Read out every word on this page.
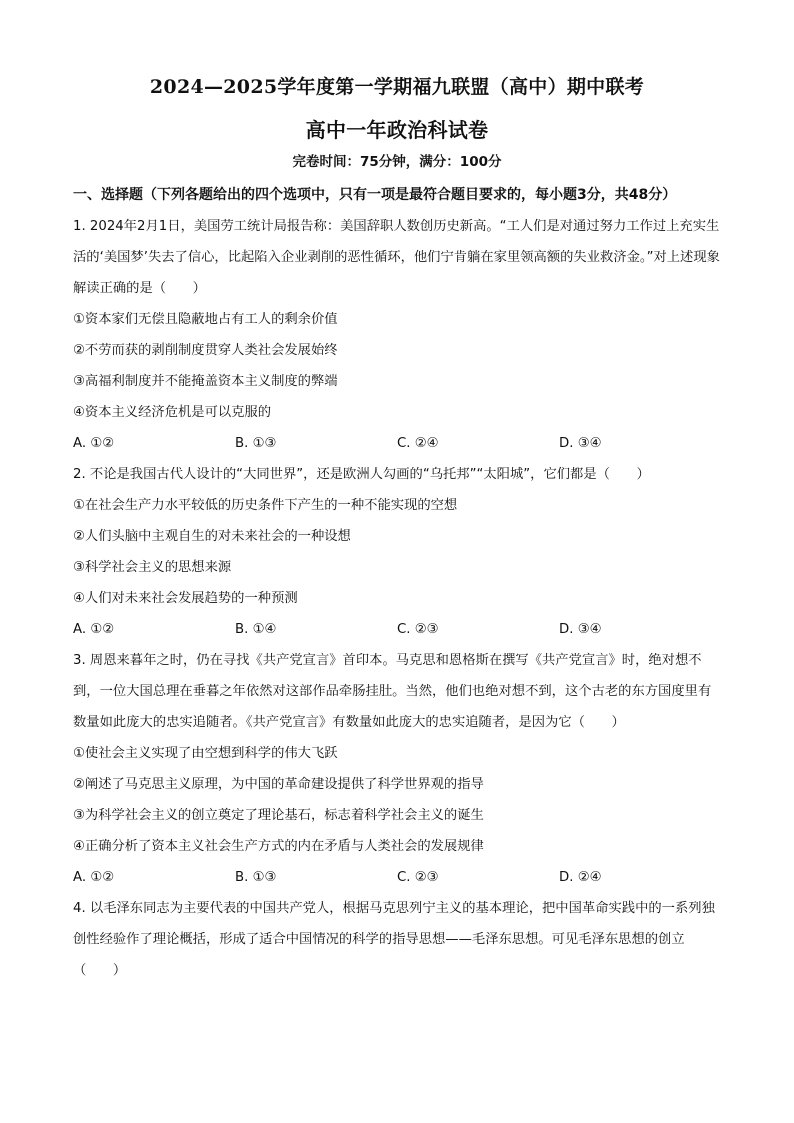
2024—2025学年度第一学期福九联盟（高中）期中联考
高中一年政治科试卷
完卷时间：75分钟，满分：100分
一、选择题（下列各题给出的四个选项中，只有一项是最符合题目要求的，每小题3分，共48分）

1. 2024年2月1日，美国劳工统计局报告称：美国辞职人数创历史新高。“工人们是对通过努力工作过上充实生活的‘美国梦’失去了信心，比起陷入企业剥削的恶性循环，他们宁肯躺在家里领高额的失业救济金。”对上述现象解读正确的是（　　）

①资本家们无偿且隐蔽地占有工人的剩余价值

②不劳而获的剥削制度贯穿人类社会发展始终

③高福利制度并不能掩盖资本主义制度的弊端

④资本主义经济危机是可以克服的

A. ①②	B. ①③	C. ②④	D. ③④

2. 不论是我国古代人设计的“大同世界”，还是欧洲人勾画的“乌托邦”“太阳城”，它们都是（　　）

①在社会生产力水平较低的历史条件下产生的一种不能实现的空想

②人们头脑中主观自生的对未来社会的一种设想

③科学社会主义的思想来源

④人们对未来社会发展趋势的一种预测

A. ①②	B. ①④	C. ②③	D. ③④

3. 周恩来暮年之时，仍在寻找《共产党宣言》首印本。马克思和恩格斯在撰写《共产党宣言》时，绝对想不到，一位大国总理在垂暮之年依然对这部作品牵肠挂肚。当然，他们也绝对想不到，这个古老的东方国度里有数量如此庞大的忠实追随者。《共产党宣言》有数量如此庞大的忠实追随者，是因为它（　　）

①使社会主义实现了由空想到科学的伟大飞跃

②阐述了马克思主义原理，为中国的革命建设提供了科学世界观的指导

③为科学社会主义的创立奠定了理论基石，标志着科学社会主义的诞生

④正确分析了资本主义社会生产方式的内在矛盾与人类社会的发展规律

A. ①②	B. ①③	C. ②③	D. ②④

4. 以毛泽东同志为主要代表的中国共产党人，根据马克思列宁主义的基本理论，把中国革命实践中的一系列独创性经验作了理论概括，形成了适合中国情况的科学的指导思想——毛泽东思想。可见毛泽东思想的创立（　　）
